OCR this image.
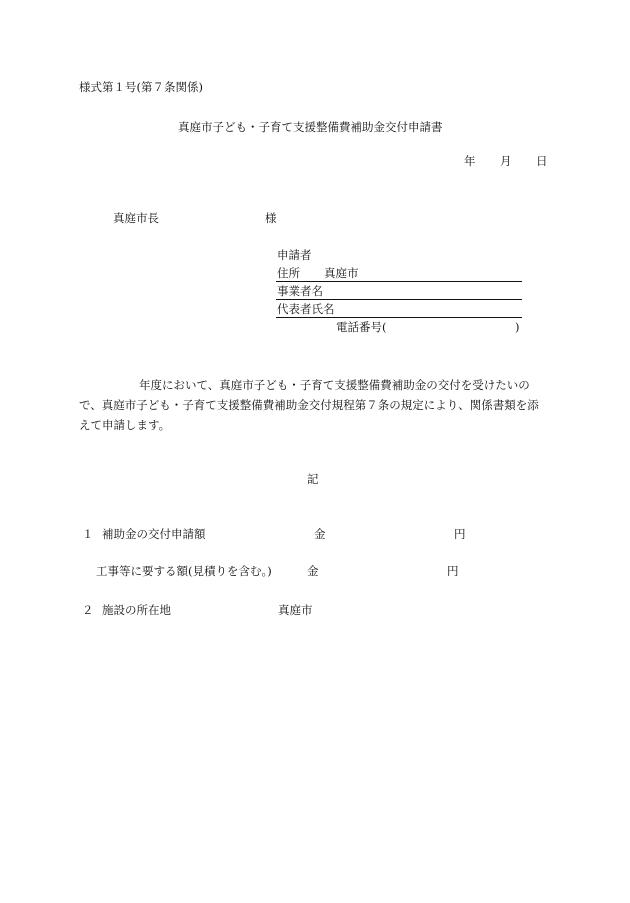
様式第１号(第７条関係)
真庭市子ども・子育て支援整備費補助金交付申請書
年 月 日
真庭市長	様
申請者
住所 真庭市
事業者名
代表者氏名
電話番号(	)
年度において、真庭市子ども・子育て支援整備費補助金の交付を受けたいの
で、真庭市子ども・子育て支援整備費補助金交付規程第７条の規定により、関係書類を添
えて申請します。
記
１ 補助金の交付申請額	金	円
工事等に要する額(見積りを含む。)	金	円
２ 施設の所在地	真庭市
